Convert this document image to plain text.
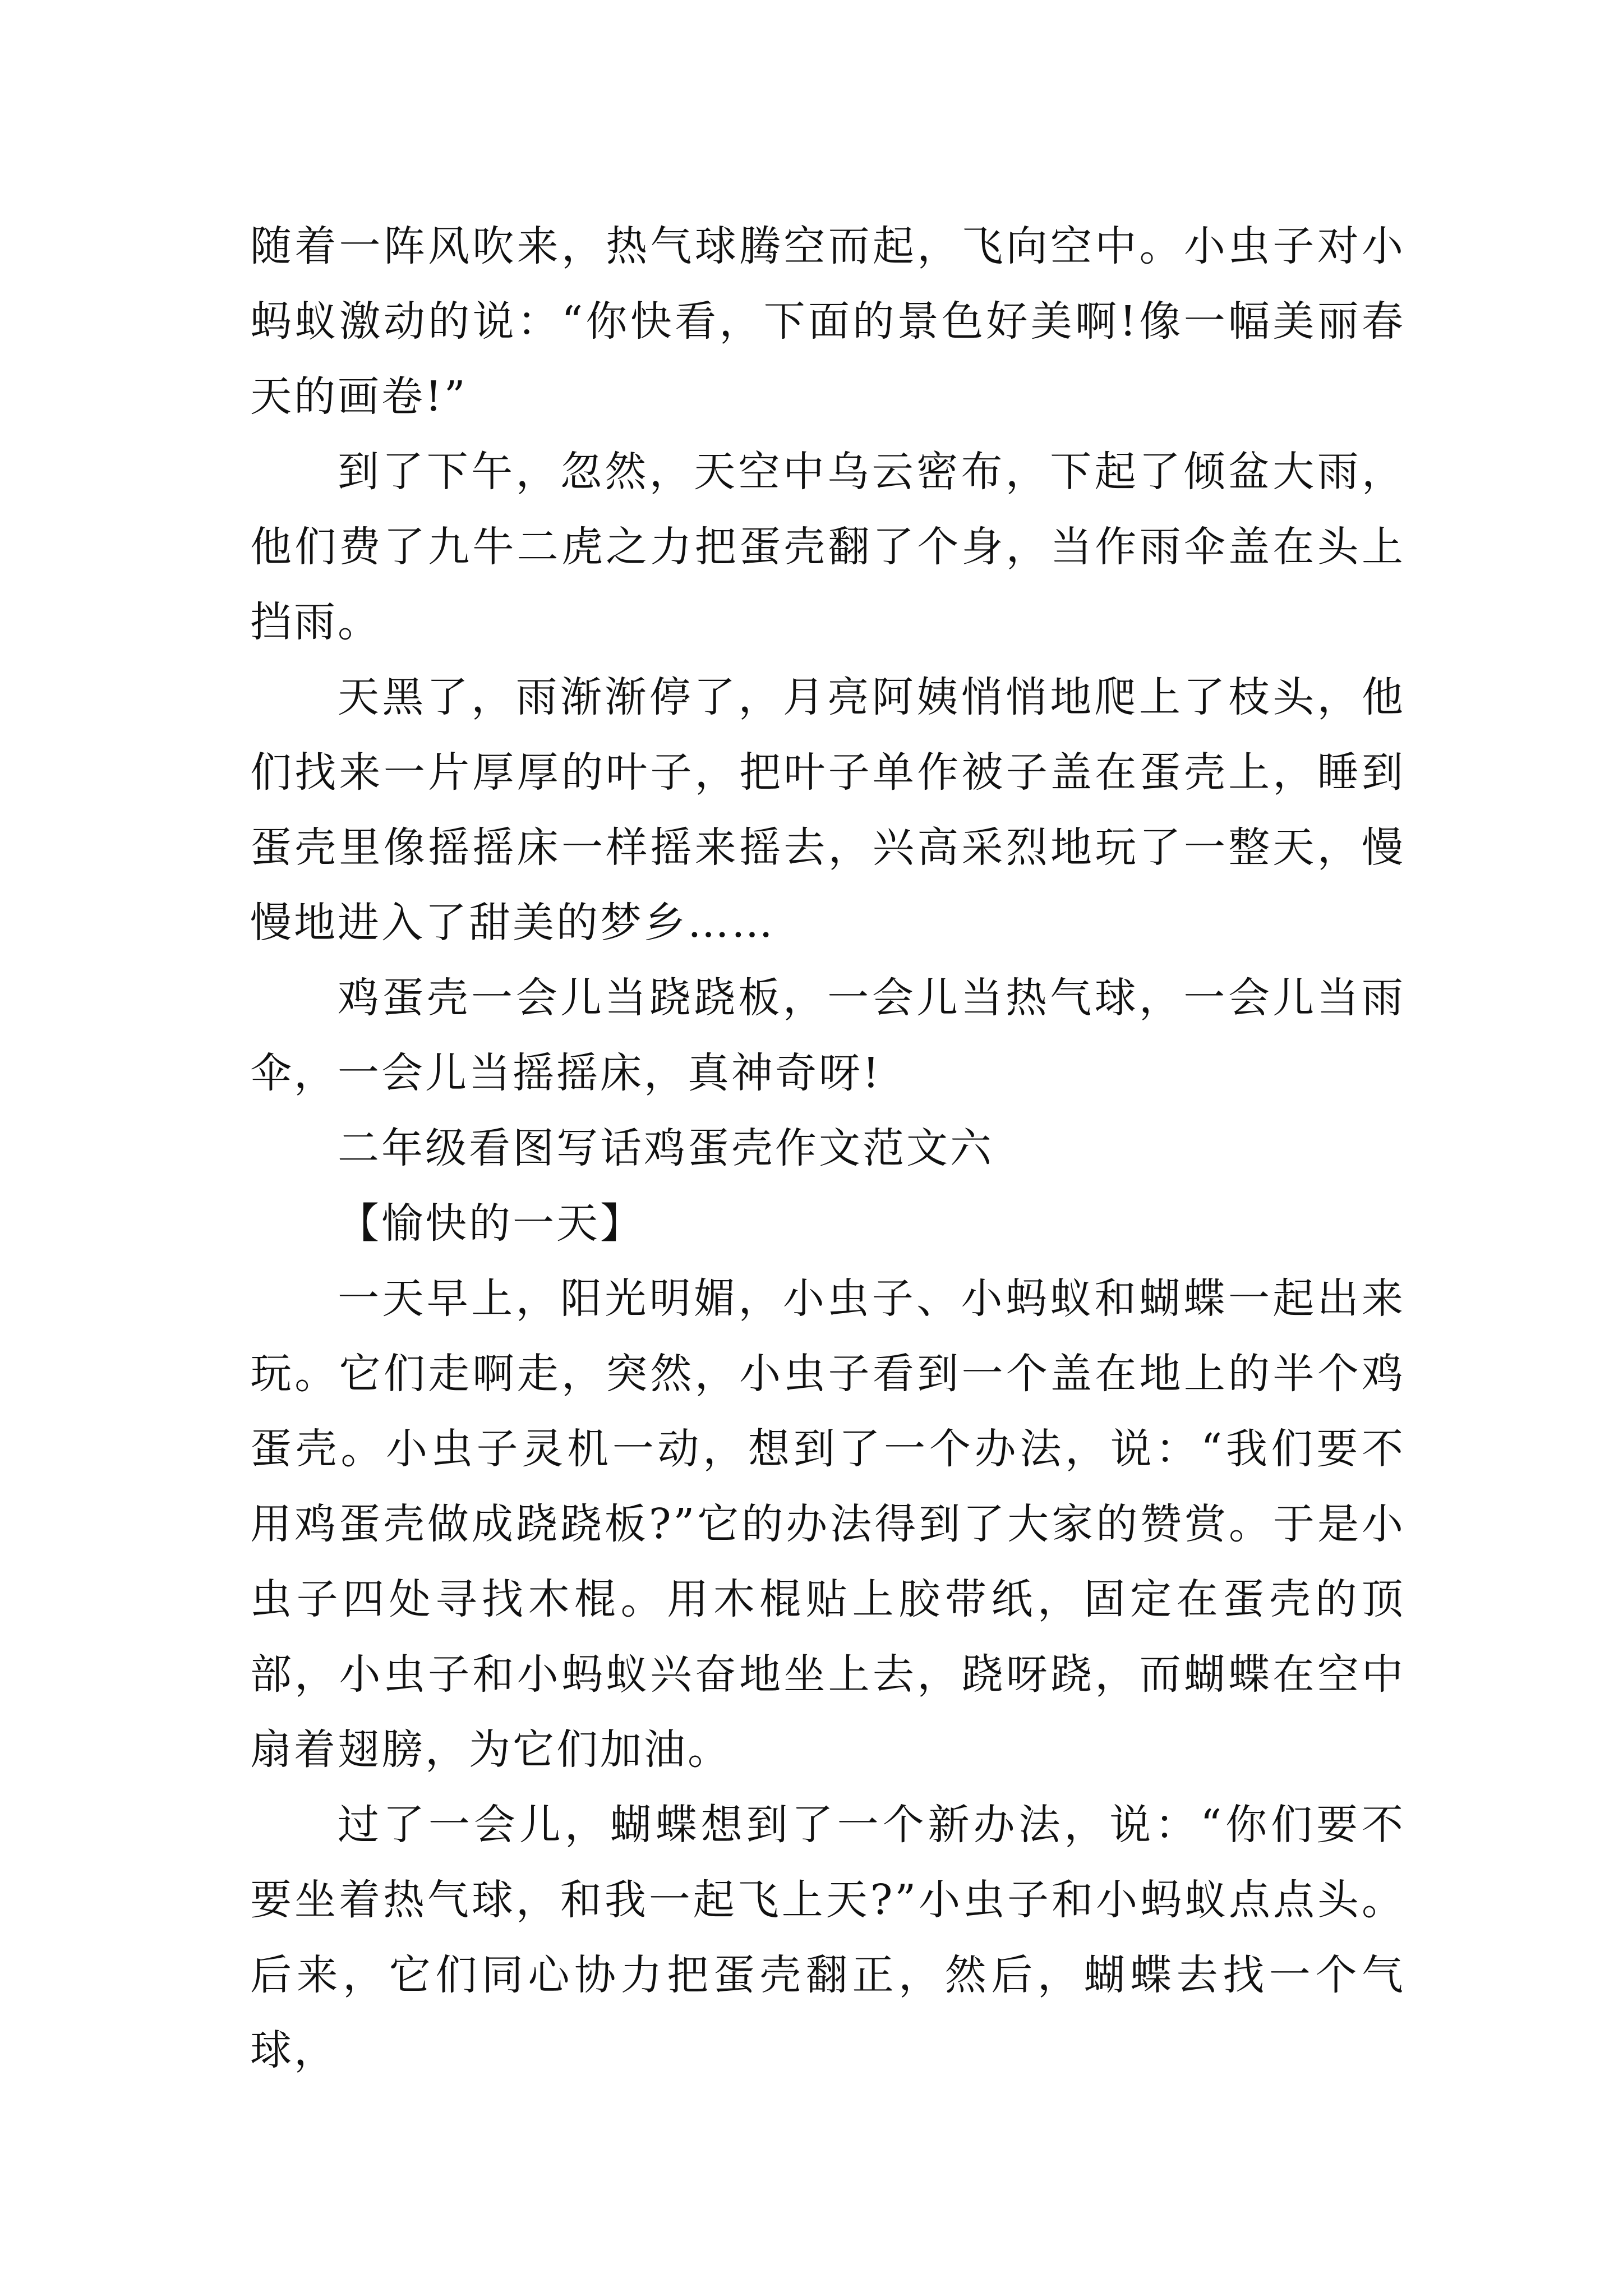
随着一阵风吹来，热气球腾空而起，飞向空中。小虫子对小蚂蚁激动的说：“你快看，下面的景色好美啊!像一幅美丽春天的画卷!”

到了下午，忽然，天空中乌云密布，下起了倾盆大雨，他们费了九牛二虎之力把蛋壳翻了个身，当作雨伞盖在头上挡雨。

天黑了，雨渐渐停了，月亮阿姨悄悄地爬上了枝头，他们找来一片厚厚的叶子，把叶子单作被子盖在蛋壳上，睡到蛋壳里像摇摇床一样摇来摇去，兴高采烈地玩了一整天，慢慢地进入了甜美的梦乡……

鸡蛋壳一会儿当跷跷板，一会儿当热气球，一会儿当雨伞，一会儿当摇摇床，真神奇呀!

二年级看图写话鸡蛋壳作文范文六

【愉快的一天】

一天早上，阳光明媚，小虫子、小蚂蚁和蝴蝶一起出来玩。它们走啊走，突然，小虫子看到一个盖在地上的半个鸡蛋壳。小虫子灵机一动，想到了一个办法，说：“我们要不用鸡蛋壳做成跷跷板?”它的办法得到了大家的赞赏。于是小虫子四处寻找木棍。用木棍贴上胶带纸，固定在蛋壳的顶部，小虫子和小蚂蚁兴奋地坐上去，跷呀跷，而蝴蝶在空中扇着翅膀，为它们加油。

过了一会儿，蝴蝶想到了一个新办法，说：“你们要不要坐着热气球，和我一起飞上天?”小虫子和小蚂蚁点点头。后来，它们同心协力把蛋壳翻正，然后，蝴蝶去找一个气球，
